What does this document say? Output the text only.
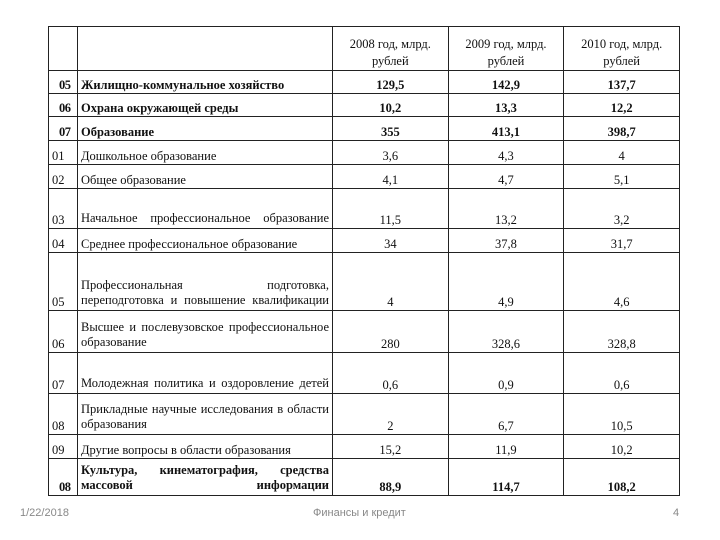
		2008 год, млрд. рублей	2009 год, млрд. рублей	2010 год, млрд. рублей
05	Жилищно-коммунальное хозяйство	129,5	142,9	137,7
06	Охрана окружающей среды	10,2	13,3	12,2
07	Образование	355	413,1	398,7
01	Дошкольное образование	3,6	4,3	4
02	Общее образование	4,1	4,7	5,1
03	Начальное профессиональное образование	11,5	13,2	3,2
04	Среднее профессиональное образование	34	37,8	31,7
05	Профессиональная подготовка, переподготовка и повышение квалификации	4	4,9	4,6
06	Высшее и послевузовское профессиональное образование	280	328,6	328,8
07	Молодежная политика и оздоровление детей	0,6	0,9	0,6
08	Прикладные научные исследования в области образования	2	6,7	10,5
09	Другие вопросы в области образования	15,2	11,9	10,2
08	Культура, кинематография, средства массовой информации	88,9	114,7	108,2
1/22/2018	Финансы и кредит	4
